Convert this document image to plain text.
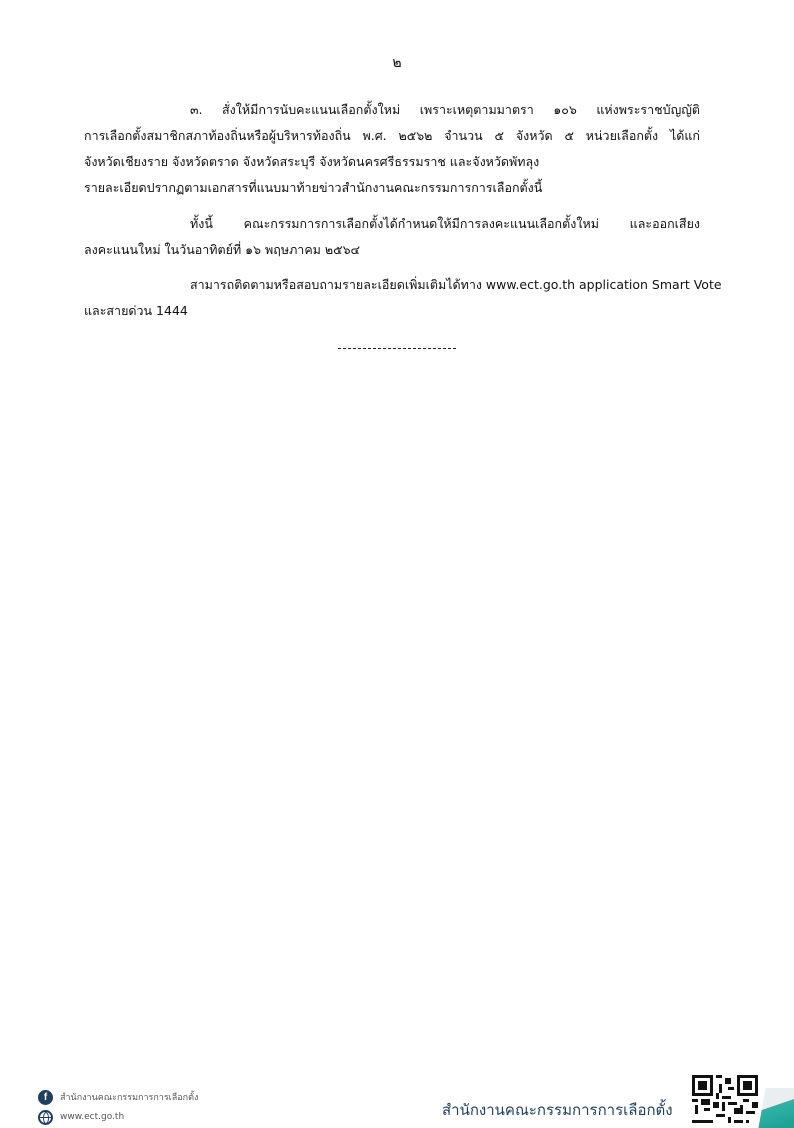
๒
๓. สั่งให้มีการนับคะแนนเลือกตั้งใหม่ เพราะเหตุตามมาตรา ๑๐๖ แห่งพระราชบัญญัติ
การเลือกตั้งสมาชิกสภาท้องถิ่นหรือผู้บริหารท้องถิ่น พ.ศ. ๒๕๖๒ จำนวน ๕ จังหวัด ๕ หน่วยเลือกตั้ง ได้แก่
จังหวัดเชียงราย จังหวัดตราด จังหวัดสระบุรี จังหวัดนครศรีธรรมราช และจังหวัดพัทลุง
รายละเอียดปรากฏตามเอกสารที่แนบมาท้ายข่าวสำนักงานคณะกรรมการการเลือกตั้งนี้
ทั้งนี้ คณะกรรมการการเลือกตั้งได้กำหนดให้มีการลงคะแนนเลือกตั้งใหม่ และออกเสียง
ลงคะแนนใหม่ ในวันอาทิตย์ที่ ๑๖ พฤษภาคม ๒๕๖๔
สามารถติดตามหรือสอบถามรายละเอียดเพิ่มเติมได้ทาง www.ect.go.th application Smart Vote
และสายด่วน 1444
f	สำนักงานคณะกรรมการการเลือกตั้ง
www.ect.go.th	สำนักงานคณะกรรมการการเลือกตั้ง
